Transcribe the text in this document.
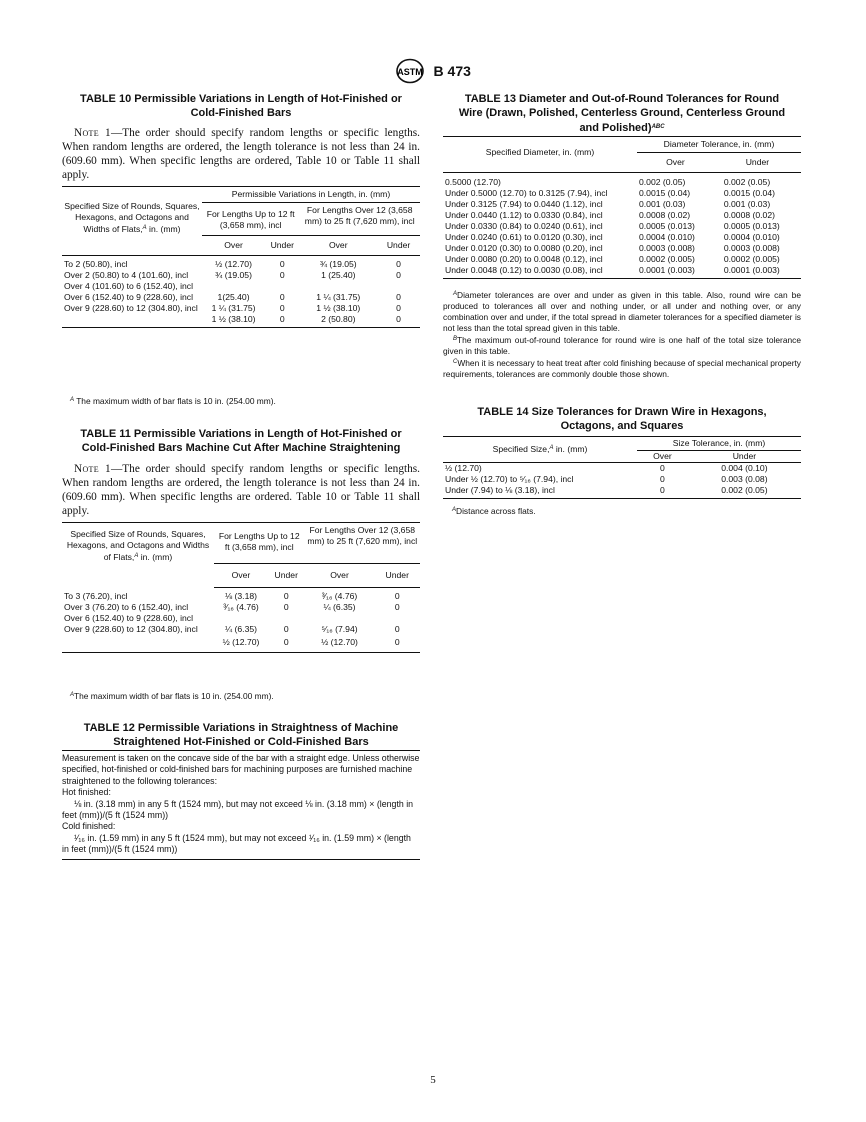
ASTM B 473
TABLE 10 Permissible Variations in Length of Hot-Finished or
Cold-Finished Bars
Note 1—The order should specify random lengths or specific lengths. When random lengths are ordered, the length tolerance is not less than 24 in. (609.60 mm). When specific lengths are ordered, Table 10 or Table 11 shall apply.
Specified Size of Rounds, Squares, Hexagons, and Octagons and Widths of Flats,$^A$ in. (mm)	Permissible Variations in Length, in. (mm)			
	For Lengths Up to 12 ft (3,658 mm), incl		For Lengths Over 12 (3,658 mm) to 25 ft (7,620 mm), incl	
	Over	Under	Over	Under
To 2 (50.80), incl	½ (12.70)	0	¾ (19.05)	0
Over 2 (50.80) to 4 (101.60), incl	¾ (19.05)	0	1 (25.40)	0
Over 4 (101.60) to 6 (152.40), incl				
Over 6 (152.40) to 9 (228.60), incl	1(25.40)	0	1 ¼ (31.75)	0
Over 9 (228.60) to 12 (304.80), incl	1 ¼ (31.75)	0	1 ½ (38.10)	0
	1 ½ (38.10)	0	2 (50.80)	0
$^A$ The maximum width of bar flats is 10 in. (254.00 mm).
TABLE 11 Permissible Variations in Length of Hot-Finished or
Cold-Finished Bars Machine Cut After Machine Straightening
Note 1—The order should specify random lengths or specific lengths. When random lengths are ordered, the length tolerance is not less than 24 in. (609.60 mm). When specific lengths are ordered. Table 10 or Table 11 shall apply.
Specified Size of Rounds, Squares, Hexagons, and Octagons and Widths of Flats,$^A$ in. (mm)	For Lengths Up to 12 ft (3,658 mm), incl		For Lengths Over 12 (3,658 mm) to 25 ft (7,620 mm), incl	
	Over	Under	Over	Under
To 3 (76.20), incl	⅛ (3.18)	0	³⁄₁₆ (4.76)	0
Over 3 (76.20) to 6 (152.40), incl	³⁄₁₆ (4.76)	0	¼ (6.35)	0
Over 6 (152.40) to 9 (228.60), incl				
Over 9 (228.60) to 12 (304.80), incl	¼ (6.35)	0	⁵⁄₁₆ (7.94)	0
	½ (12.70)	0	½ (12.70)	0
$^A$The maximum width of bar flats is 10 in. (254.00 mm).
TABLE 12 Permissible Variations in Straightness of Machine
Straightened Hot-Finished or Cold-Finished Bars
Measurement is taken on the concave side of the bar with a straight edge. Unless otherwise specified, hot-finished or cold-finished bars for machining purposes are furnished machine straightened to the following tolerances:
Hot finished:
⅛ in. (3.18 mm) in any 5 ft (1524 mm), but may not exceed ⅛ in. (3.18 mm) × (length in feet (mm))/(5 ft (1524 mm))
Cold finished:
¹⁄₁₆ in. (1.59 mm) in any 5 ft (1524 mm), but may not exceed ¹⁄₁₆ in. (1.59 mm) × (length in feet (mm))/(5 ft (1524 mm))
TABLE 13 Diameter and Out-of-Round Tolerances for Round
Wire (Drawn, Polished, Centerless Ground, Centerless Ground
and Polished)$^{ABC}$
Specified Diameter, in. (mm)	Diameter Tolerance, in. (mm)	
	Over	Under
0.5000 (12.70)	0.002 (0.05)	0.002 (0.05)
Under 0.5000 (12.70) to 0.3125 (7.94), incl	0.0015 (0.04)	0.0015 (0.04)
Under 0.3125 (7.94) to 0.0440 (1.12), incl	0.001 (0.03)	0.001 (0.03)
Under 0.0440 (1.12) to 0.0330 (0.84), incl	0.0008 (0.02)	0.0008 (0.02)
Under 0.0330 (0.84) to 0.0240 (0.61), incl	0.0005 (0.013)	0.0005 (0.013)
Under 0.0240 (0.61) to 0.0120 (0.30), incl	0.0004 (0.010)	0.0004 (0.010)
Under 0.0120 (0.30) to 0.0080 (0.20), incl	0.0003 (0.008)	0.0003 (0.008)
Under 0.0080 (0.20) to 0.0048 (0.12), incl	0.0002 (0.005)	0.0002 (0.005)
Under 0.0048 (0.12) to 0.0030 (0.08), incl	0.0001 (0.003)	0.0001 (0.003)
$^A$Diameter tolerances are over and under as given in this table. Also, round wire can be produced to tolerances all over and nothing under, or all under and nothing over, or any combination over and under, if the total spread in diameter tolerances for a specified diameter is not less than the total spread given in this table.
$^B$The maximum out-of-round tolerance for round wire is one half of the total size tolerance given in this table.
$^C$When it is necessary to heat treat after cold finishing because of special mechanical property requirements, tolerances are commonly double those shown.
TABLE 14 Size Tolerances for Drawn Wire in Hexagons,
Octagons, and Squares
Specified Size,$^A$ in. (mm)	Size Tolerance, in. (mm)	
	Over	Under
½ (12.70)	0	0.004 (0.10)
Under ½ (12.70) to ⁵⁄₁₆ (7.94), incl	0	0.003 (0.08)
Under (7.94) to ⅛ (3.18), incl	0	0.002 (0.05)
$^A$Distance across flats.
5
